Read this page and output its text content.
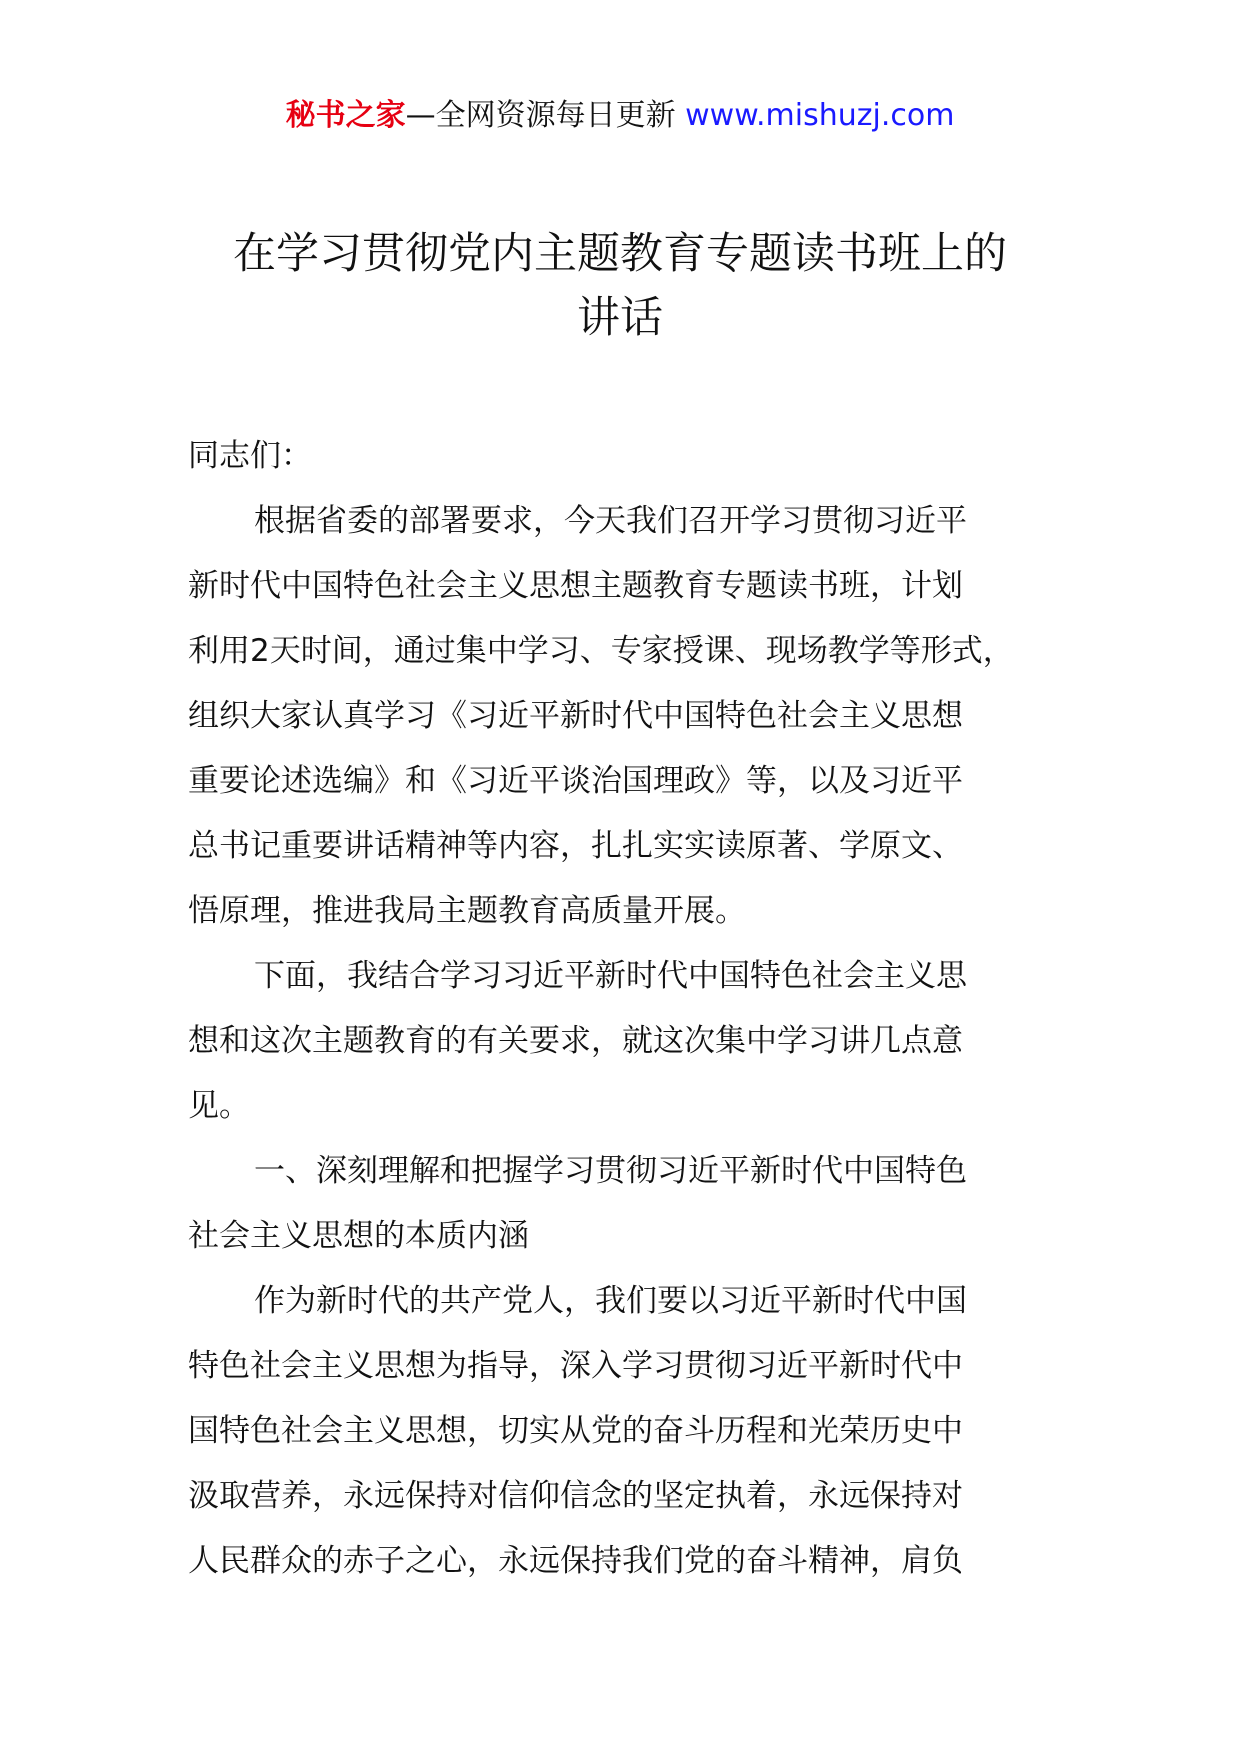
秘书之家—全网资源每日更新 www.mishuzj.com
在学习贯彻党内主题教育专题读书班上的
讲话

同志们：

根据省委的部署要求，今天我们召开学习贯彻习近平
新时代中国特色社会主义思想主题教育专题读书班，计划
利用2天时间，通过集中学习、专家授课、现场教学等形式，
组织大家认真学习《习近平新时代中国特色社会主义思想
重要论述选编》和《习近平谈治国理政》等，以及习近平
总书记重要讲话精神等内容，扎扎实实读原著、学原文、
悟原理，推进我局主题教育高质量开展。

下面，我结合学习习近平新时代中国特色社会主义思
想和这次主题教育的有关要求，就这次集中学习讲几点意
见。

一、深刻理解和把握学习贯彻习近平新时代中国特色
社会主义思想的本质内涵

作为新时代的共产党人，我们要以习近平新时代中国
特色社会主义思想为指导，深入学习贯彻习近平新时代中
国特色社会主义思想，切实从党的奋斗历程和光荣历史中
汲取营养，永远保持对信仰信念的坚定执着，永远保持对
人民群众的赤子之心，永远保持我们党的奋斗精神，肩负
